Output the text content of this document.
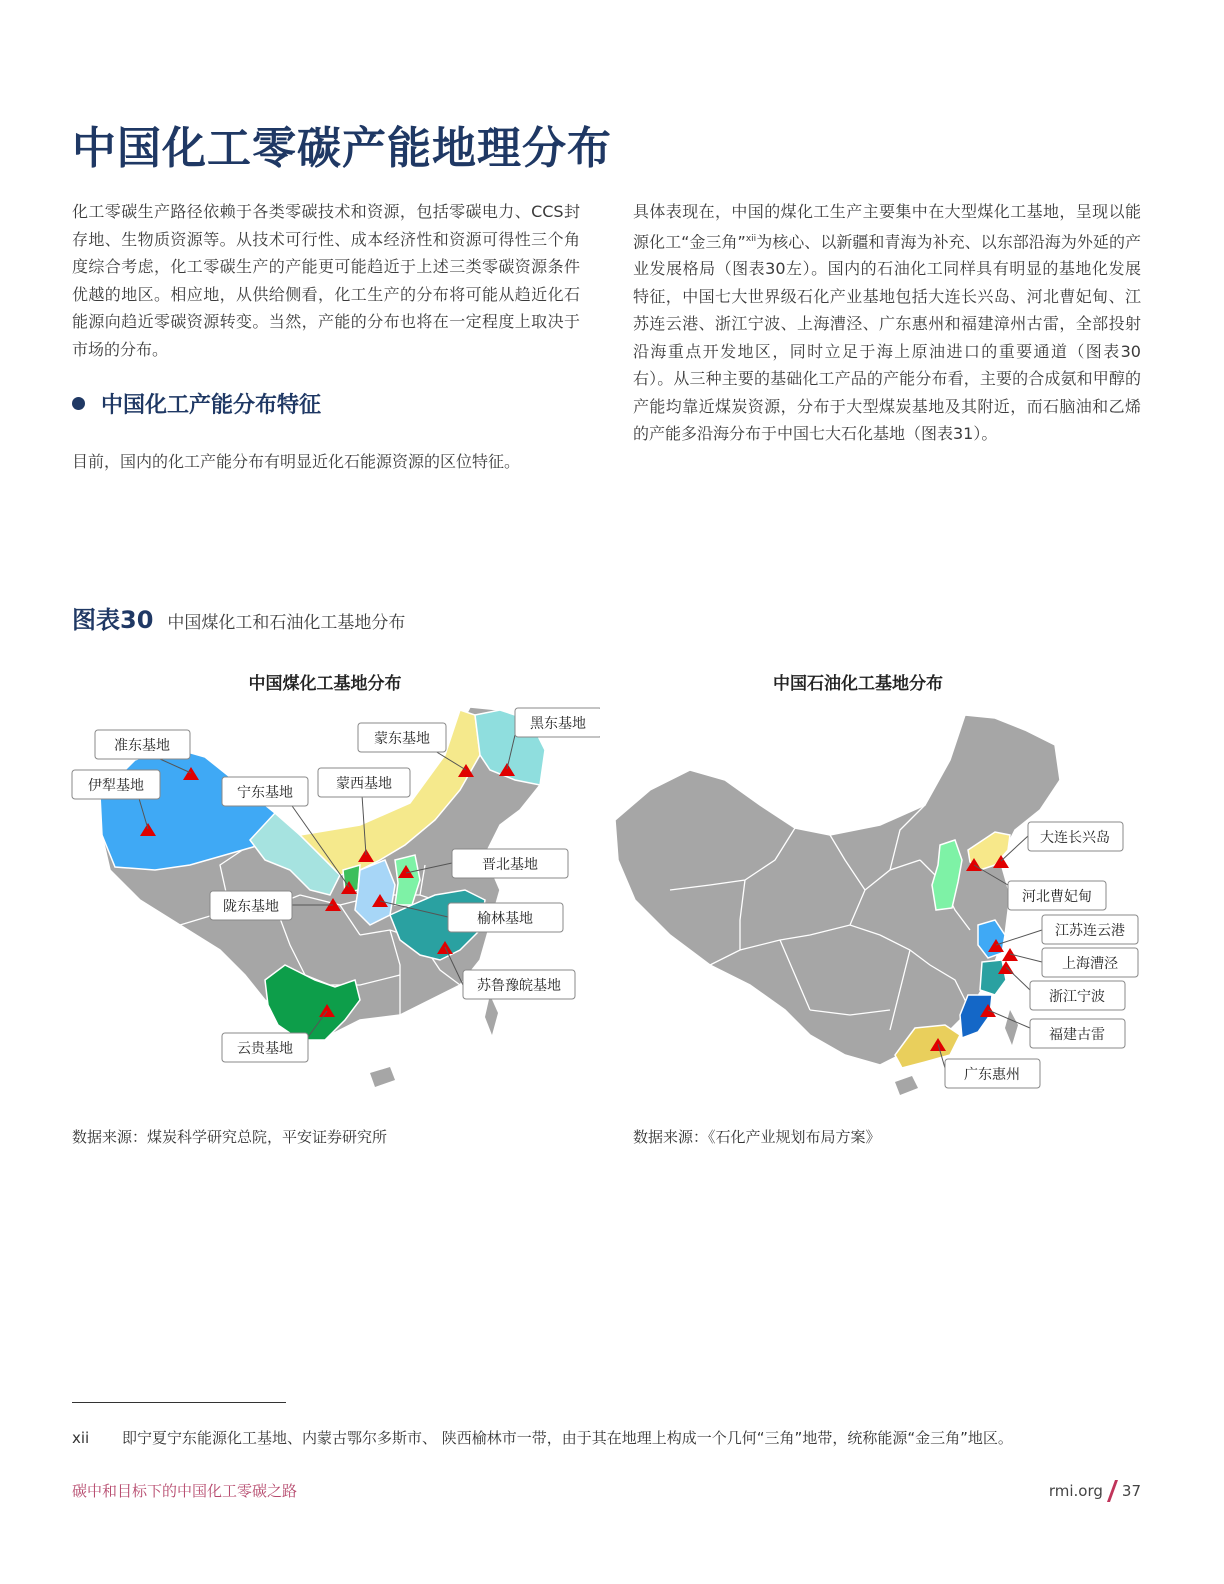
中国化工零碳产能地理分布
化工零碳生产路径依赖于各类零碳技术和资源，包括零碳电力、CCS封存地、生物质资源等。从技术可行性、成本经济性和资源可得性三个角度综合考虑，化工零碳生产的产能更可能趋近于上述三类零碳资源条件优越的地区。相应地，从供给侧看，化工生产的分布将可能从趋近化石能源向趋近零碳资源转变。当然，产能的分布也将在一定程度上取决于市场的分布。
中国化工产能分布特征
目前，国内的化工产能分布有明显近化石能源资源的区位特征。
具体表现在，中国的煤化工生产主要集中在大型煤化工基地，呈现以能源化工“金三角”$^{xii}$为核心、以新疆和青海为补充、以东部沿海为外延的产业发展格局（图表30左）。国内的石油化工同样具有明显的基地化发展特征，中国七大世界级石化产业基地包括大连长兴岛、河北曹妃甸、江苏连云港、浙江宁波、上海漕泾、广东惠州和福建漳州古雷，全部投射沿海重点开发地区，同时立足于海上原油进口的重要通道（图表30右）。从三种主要的基础化工产品的产能分布看，主要的合成氨和甲醇的产能均靠近煤炭资源，分布于大型煤炭基地及其附近，而石脑油和乙烯的产能多沿海分布于中国七大石化基地（图表31）。
图表30 中国煤化工和石油化工基地分布
中国煤化工基地分布	中国石油化工基地分布
准东基地
伊犁基地	宁东基地
蒙西基地
蒙东基地
黑东基地
晋北基地
陇东基地
榆林基地
苏鲁豫皖基地
云贵基地
大连长兴岛
河北曹妃甸
江苏连云港
上海漕泾
浙江宁波
福建古雷
广东惠州
数据来源：煤炭科学研究总院，平安证券研究所	数据来源：《石化产业规划布局方案》
xii 即宁夏宁东能源化工基地、内蒙古鄂尔多斯市、 陕西榆林市一带，由于其在地理上构成一个几何“三角”地带，统称能源“金三角”地区。
碳中和目标下的中国化工零碳之路	rmi.org 37
